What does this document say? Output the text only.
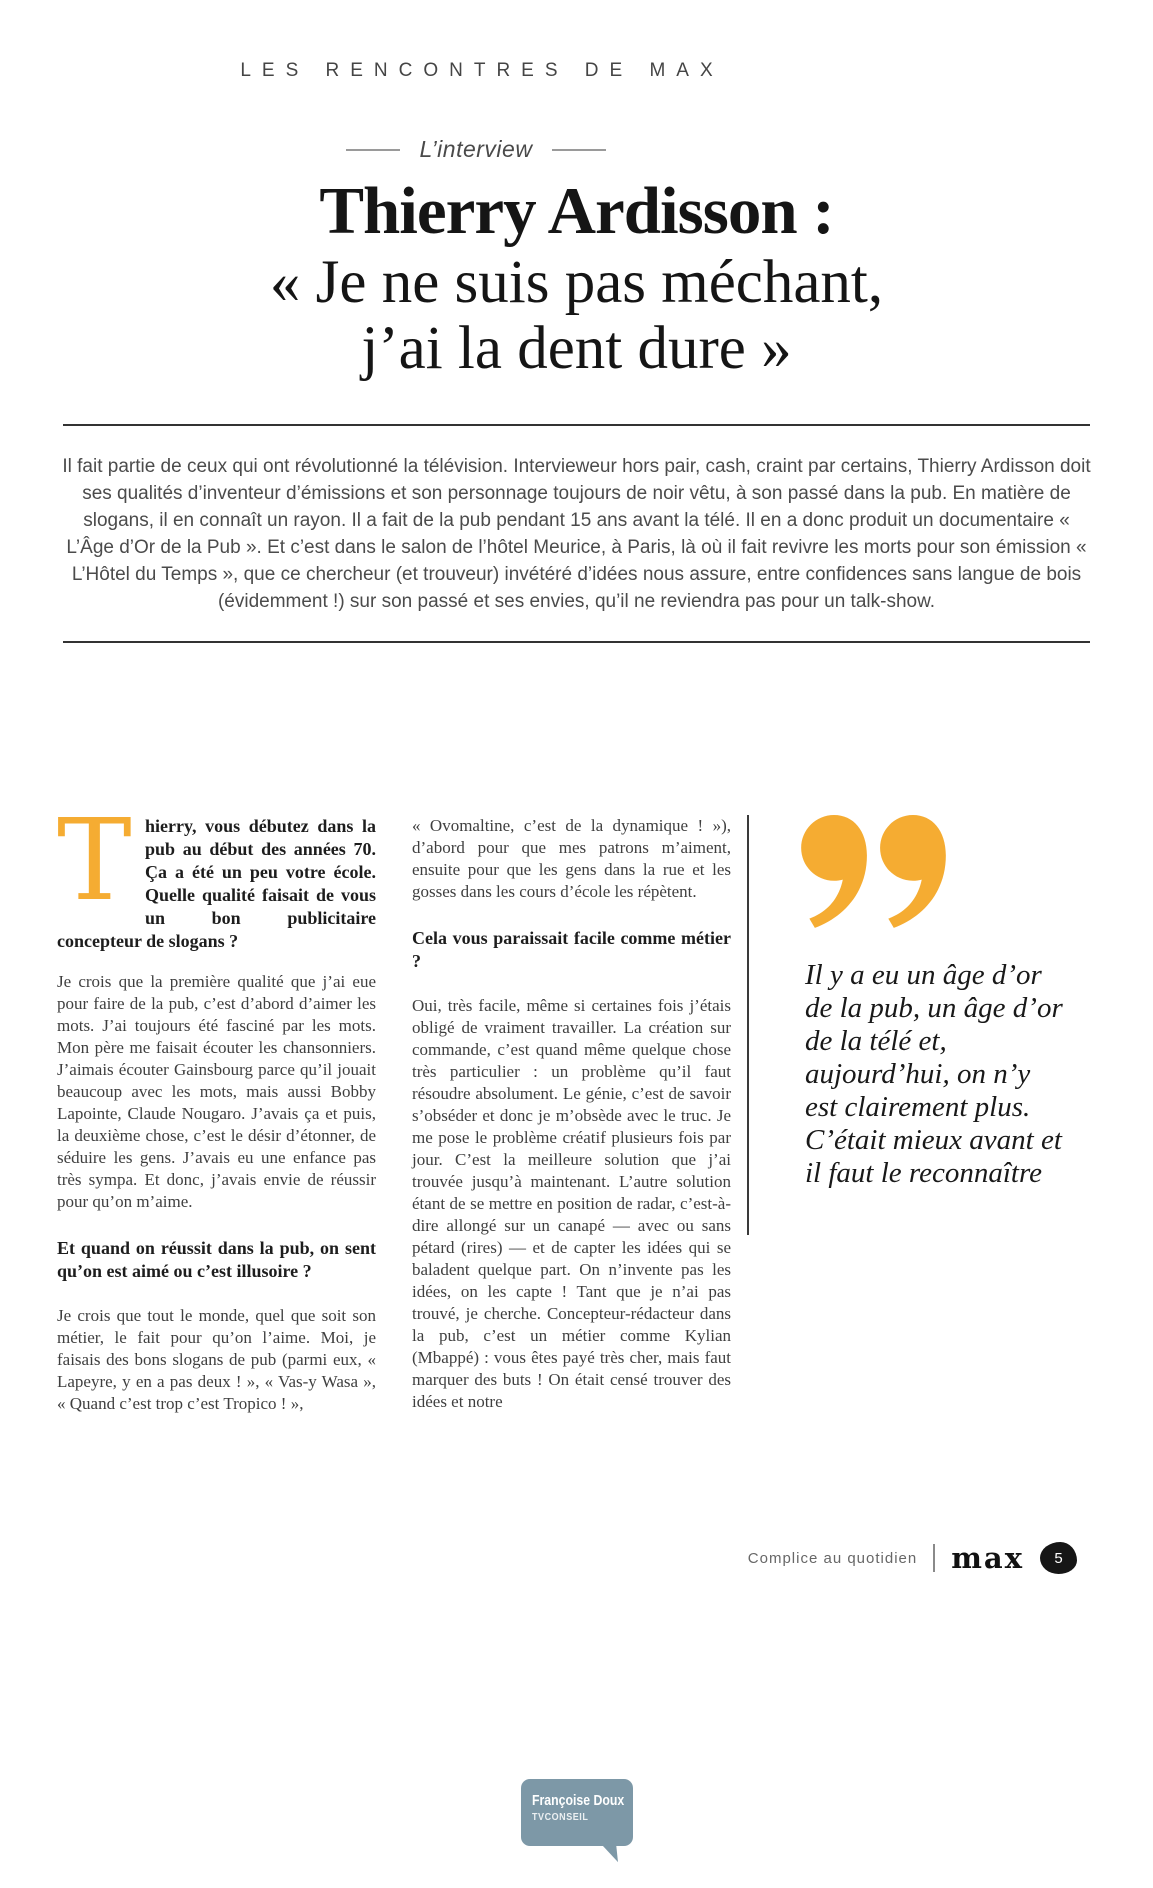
LES RENCONTRES DE MAX
L’interview
Thierry Ardisson :
« Je ne suis pas méchant,
j’ai la dent dure »

Il fait partie de ceux qui ont révolutionné la télévision. Intervieweur hors pair, cash, craint par certains, Thierry Ardisson doit ses qualités d’inventeur d’émissions et son personnage toujours de noir vêtu, à son passé dans la pub. En matière de slogans, il en connaît un rayon. Il a fait de la pub pendant 15 ans avant la télé. Il en a donc produit un documentaire « L’Âge d’Or de la Pub ». Et c’est dans le salon de l’hôtel Meurice, à Paris, là où il fait revivre les morts pour son émission « L’Hôtel du Temps », que ce chercheur (et trouveur) invétéré d’idées nous assure, entre confidences sans langue de bois (évidemment !) sur son passé et ses envies, qu’il ne reviendra pas pour un talk-show.

Thierry, vous débutez dans la pub au début des années 70. Ça a été un peu votre école. Quelle qualité faisait de vous un bon publicitaire concepteur de slogans ?

Je crois que la première qualité que j’ai eue pour faire de la pub, c’est d’abord d’aimer les mots. J’ai toujours été fasciné par les mots. Mon père me faisait écouter les chansonniers. J’aimais écouter Gainsbourg parce qu’il jouait beaucoup avec les mots, mais aussi Bobby Lapointe, Claude Nougaro. J’avais ça et puis, la deuxième chose, c’est le désir d’étonner, de séduire les gens. J’avais eu une enfance pas très sympa. Et donc, j’avais envie de réussir pour qu’on m’aime.

Et quand on réussit dans la pub, on sent qu’on est aimé ou c’est illusoire ?

Je crois que tout le monde, quel que soit son métier, le fait pour qu’on l’aime. Moi, je faisais des bons slogans de pub (parmi eux, « Lapeyre, y en a pas deux ! », « Vas-y Wasa », « Quand c’est trop c’est Tropico ! »,

« Ovomaltine, c’est de la dynamique ! »), d’abord pour que mes patrons m’aiment, ensuite pour que les gens dans la rue et les gosses dans les cours d’école les répètent.

Cela vous paraissait facile comme métier ?

Oui, très facile, même si certaines fois j’étais obligé de vraiment travailler. La création sur commande, c’est quand même quelque chose très particulier : un problème qu’il faut résoudre absolument. Le génie, c’est de savoir s’obséder et donc je m’obsède avec le truc. Je me pose le problème créatif plusieurs fois par jour. C’est la meilleure solution que j’ai trouvée jusqu’à maintenant. L’autre solution étant de se mettre en position de radar, c’est-à-dire allongé sur un canapé — avec ou sans pétard (rires) — et de capter les idées qui se baladent quelque part. On n’invente pas les idées, on les capte ! Tant que je n’ai pas trouvé, je cherche. Concepteur-rédacteur dans la pub, c’est un métier comme Kylian (Mbappé) : vous êtes payé très cher, mais faut marquer des buts ! On était censé trouver des idées et notre

Il y a eu un âge d’or de la pub, un âge d’or de la télé et, aujourd’hui, on n’y est clairement plus. C’était mieux avant et il faut le reconnaître

Complice au quotidien max	5
Françoise Doux
TVCONSEIL
